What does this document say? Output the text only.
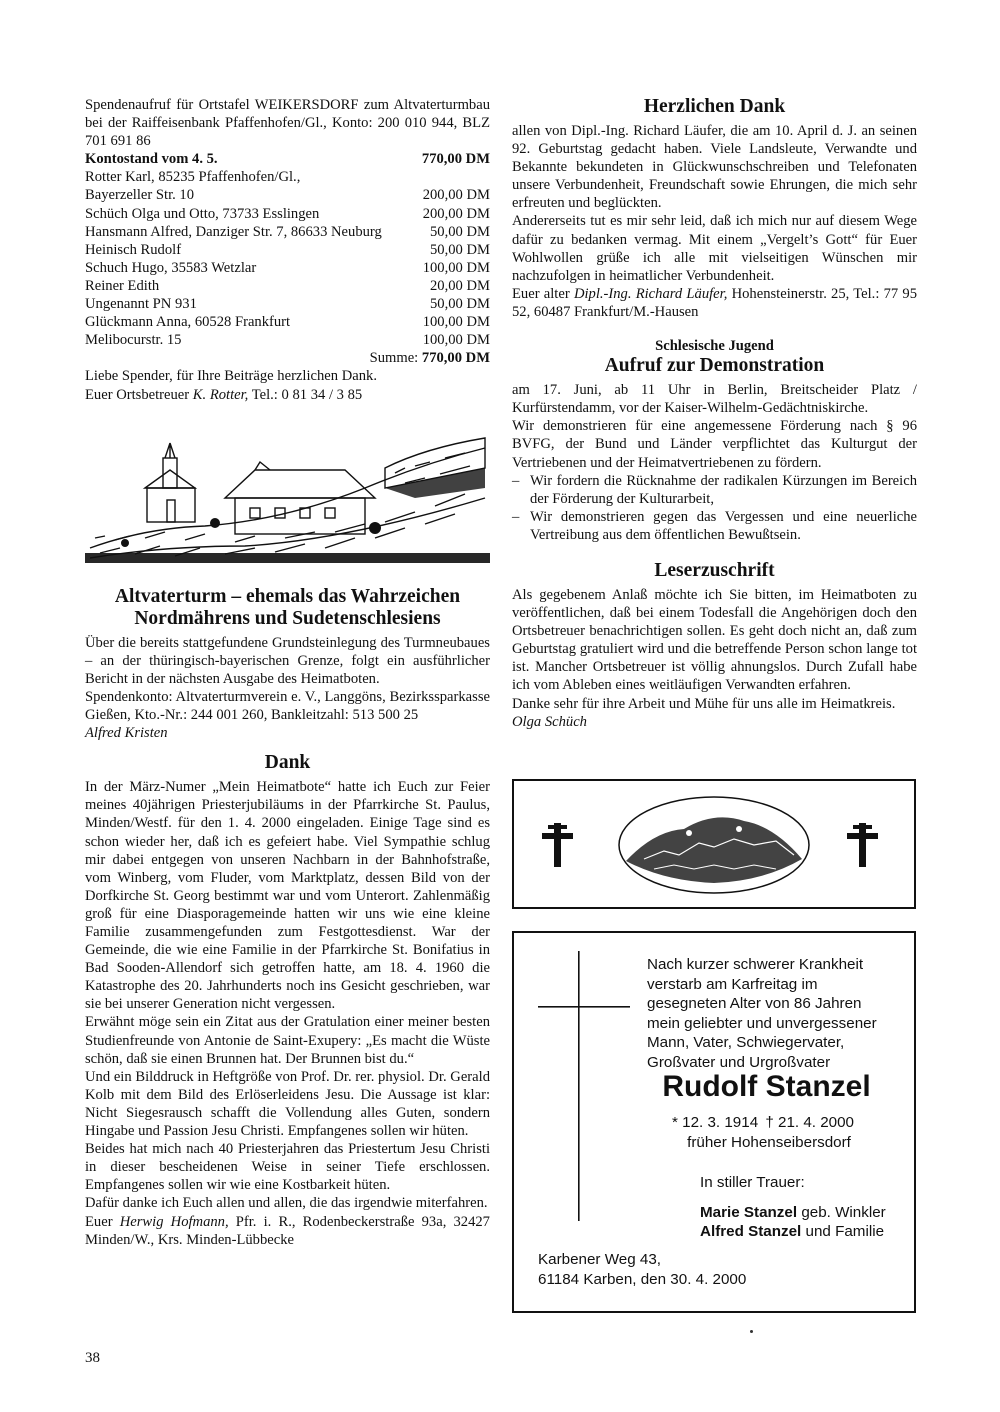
Spendenaufruf für Ortstafel WEIKERSDORF zum Altvaterturmbau bei der Raiffeisenbank Pfaffenhofen/Gl., Konto: 200 010 944, BLZ 701 691 86

Kontostand vom 4. 5.	770,00 DM
Rotter Karl, 85235 Pfaffenhofen/Gl.,
Bayerzeller Str. 10	200,00 DM
Schüch Olga und Otto, 73733 Esslingen	200,00 DM
Hansmann Alfred, Danziger Str. 7, 86633 Neuburg	50,00 DM
Heinisch Rudolf	50,00 DM
Schuch Hugo, 35583 Wetzlar	100,00 DM
Reiner Edith	20,00 DM
Ungenannt PN 931	50,00 DM
Glückmann Anna, 60528 Frankfurt	100,00 DM
Melibocurstr. 15	100,00 DM
Summe: 770,00 DM

Liebe Spender, für Ihre Beiträge herzlichen Dank.

Euer Ortsbetreuer K. Rotter, Tel.: 0 81 34 / 3 85

Altvaterturm – ehemals das Wahrzeichen
Nordmährens und Sudetenschlesiens

Über die bereits stattgefundene Grundsteinlegung des Turmneubaues – an der thüringisch-bayerischen Grenze, folgt ein ausführlicher Bericht in der nächsten Ausgabe des Heimatboten.

Spendenkonto: Altvaterturmverein e. V., Langgöns, Bezirkssparkasse Gießen, Kto.-Nr.: 244 001 260, Bankleitzahl: 513 500 25

Alfred Kristen

Dank

In der März-Numer „Mein Heimatbote“ hatte ich Euch zur Feier meines 40jährigen Priesterjubiläums in der Pfarrkirche St. Paulus, Minden/Westf. für den 1. 4. 2000 eingeladen. Einige Tage sind es schon wieder her, daß ich es gefeiert habe. Viel Sympathie schlug mir dabei entgegen von unseren Nachbarn in der Bahnhofstraße, vom Winberg, vom Fluder, vom Marktplatz, dessen Bild von der Dorfkirche St. Georg bestimmt war und vom Unterort. Zahlenmäßig groß für eine Diasporagemeinde hatten wir uns wie eine kleine Familie zusammengefunden zum Festgottesdienst. War der Gemeinde, die wie eine Familie in der Pfarrkirche St. Bonifatius in Bad Sooden-Allendorf sich getroffen hatte, am 18. 4. 1960 die Katastrophe des 20. Jahrhunderts noch ins Gesicht geschrieben, war sie bei unserer Generation nicht vergessen.

Erwähnt möge sein ein Zitat aus der Gratulation einer meiner besten Studienfreunde von Antonie de Saint-Exupery: „Es macht die Wüste schön, daß sie einen Brunnen hat. Der Brunnen bist du.“

Und ein Bilddruck in Heftgröße von Prof. Dr. rer. physiol. Dr. Gerald Kolb mit dem Bild des Erlöserleidens Jesu. Die Aussage ist klar: Nicht Siegesrausch schafft die Vollendung alles Guten, sondern Hingabe und Passion Jesu Christi. Empfangenes sollen wir hüten.

Beides hat mich nach 40 Priesterjahren das Priestertum Jesu Christi in dieser bescheidenen Weise in seiner Tiefe erschlossen. Empfangenes sollen wir wie eine Kostbarkeit hüten.

Dafür danke ich Euch allen und allen, die das irgendwie miterfahren.

Euer Herwig Hofmann, Pfr. i. R., Rodenbeckerstraße 93a, 32427 Minden/W., Krs. Minden-Lübbecke

Herzlichen Dank

allen von Dipl.-Ing. Richard Läufer, die am 10. April d. J. an seinen 92. Geburtstag gedacht haben. Viele Landsleute, Verwandte und Bekannte bekundeten in Glückwunschschreiben und Telefonaten unsere Verbundenheit, Freundschaft sowie Ehrungen, die mich sehr erfreuten und beglückten.

Andererseits tut es mir sehr leid, daß ich mich nur auf diesem Wege dafür zu bedanken vermag. Mit einem „Vergelt’s Gott“ für Euer Wohlwollen grüße ich alle mit vielseitigen Wünschen mir nachzufolgen in heimatlicher Verbundenheit.

Euer alter Dipl.-Ing. Richard Läufer, Hohensteinerstr. 25, Tel.: 77 95 52, 60487 Frankfurt/M.-Hausen

Schlesische Jugend
Aufruf zur Demonstration

am 17. Juni, ab 11 Uhr in Berlin, Breitscheider Platz / Kurfürstendamm, vor der Kaiser-Wilhelm-Gedächtniskirche.

Wir demonstrieren für eine angemessene Förderung nach § 96 BVFG, der Bund und Länder verpflichtet das Kulturgut der Vertriebenen und der Heimatvertriebenen zu fördern.

– Wir fordern die Rücknahme der radikalen Kürzungen im Bereich der Förderung der Kulturarbeit,
– Wir demonstrieren gegen das Vergessen und eine neuerliche Vertreibung aus dem öffentlichen Bewußtsein.
Leserzuschrift

Als gegebenem Anlaß möchte ich Sie bitten, im Heimatboten zu veröffentlichen, daß bei einem Todesfall die Angehörigen doch den Ortsbetreuer benachrichtigen sollen. Es geht doch nicht an, daß zum Geburtstag gratuliert wird und die betreffende Person schon lange tot ist. Mancher Ortsbetreuer ist völlig ahnungslos. Durch Zufall habe ich vom Ableben eines weitläufigen Verwandten erfahren.

Danke sehr für ihre Arbeit und Mühe für uns alle im Heimatkreis.

Olga Schüch

Nach kurzer schwerer Krankheit verstarb am Karfreitag im gesegneten Alter von 86 Jahren mein geliebter und unvergessener Mann, Vater, Schwiegervater, Großvater und Urgroßvater
Rudolf Stanzel
* 12. 3. 1914 † 21. 4. 2000
früher Hohenseibersdorf
In stiller Trauer:
Marie Stanzel geb. Winkler
Alfred Stanzel und Familie
Karbener Weg 43,
61184 Karben, den 30. 4. 2000
38
